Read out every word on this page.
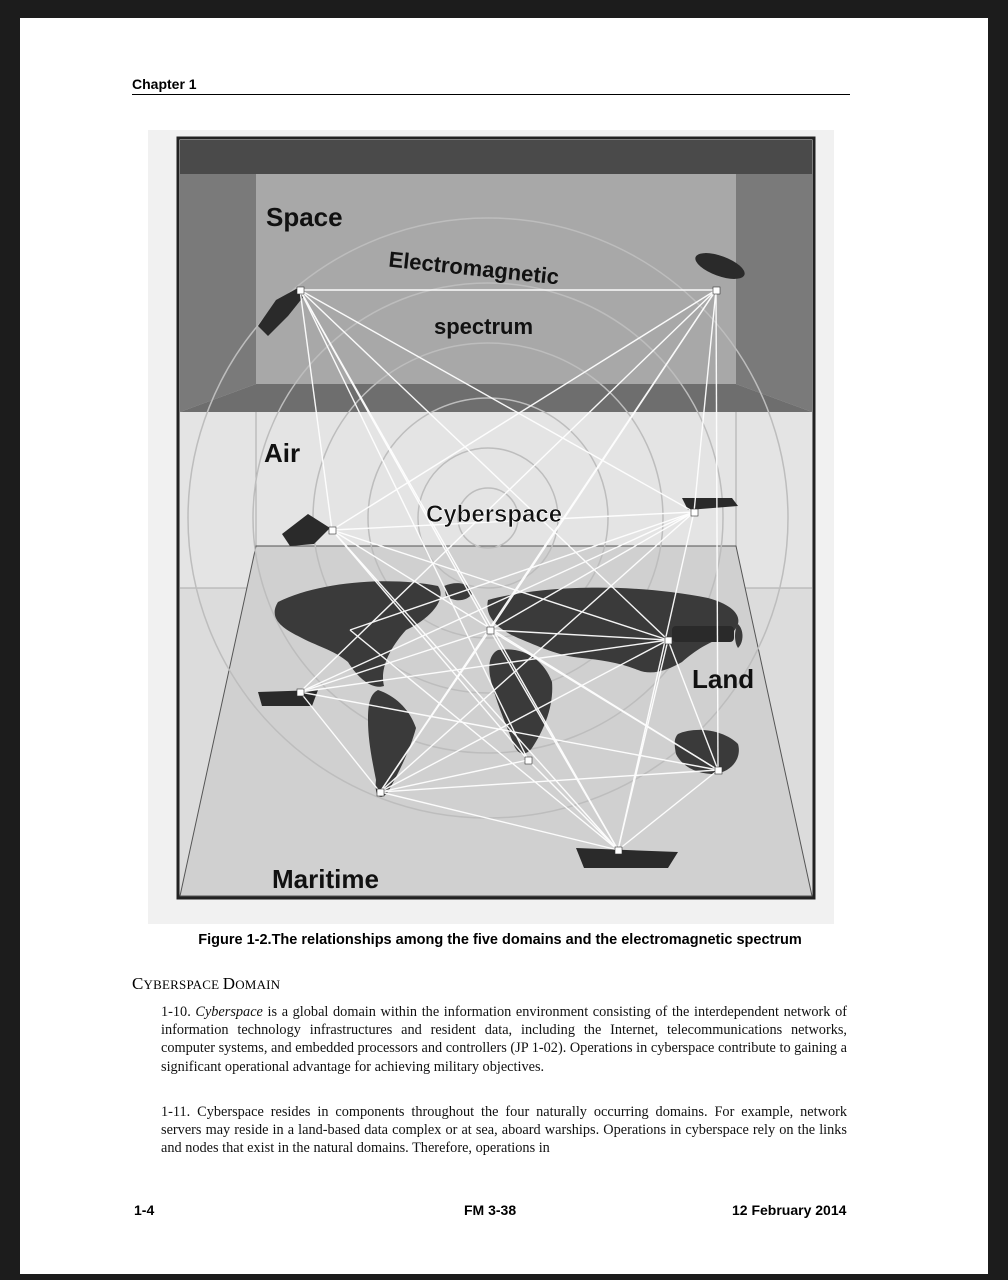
Chapter 1
Space
Electromagnetic
spectrum
Air
Cyberspace
Land
Maritime
Figure 1-2.The relationships among the five domains and the electromagnetic spectrum
CYBERSPACE DOMAIN
1-10. Cyberspace is a global domain within the information environment consisting of the interdependent network of information technology infrastructures and resident data, including the Internet, telecommunications networks, computer systems, and embedded processors and controllers (JP 1-02). Operations in cyberspace contribute to gaining a significant operational advantage for achieving military objectives.
1-11. Cyberspace resides in components throughout the four naturally occurring domains. For example, network servers may reside in a land-based data complex or at sea, aboard warships. Operations in cyberspace rely on the links and nodes that exist in the natural domains. Therefore, operations in
1-4	FM 3-38	12 February 2014
